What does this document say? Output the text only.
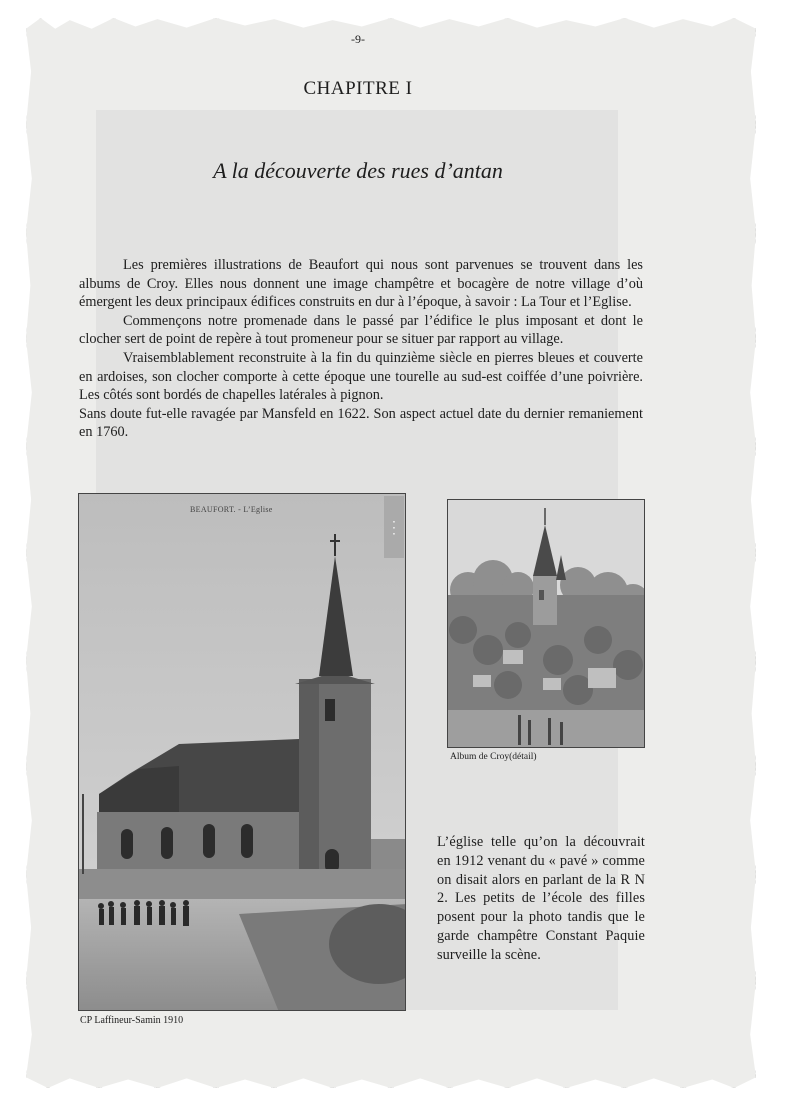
-9-
CHAPITRE I
A la découverte des rues d’antan

Les premières illustrations de Beaufort qui nous sont parvenues se trouvent dans les albums de Croy. Elles nous donnent une image champêtre et bocagère de notre village d’où émergent les deux principaux édifices construits en dur à l’époque, à savoir : La Tour et l’Eglise.

Commençons notre promenade dans le passé par l’édifice le plus imposant et dont le clocher sert de point de repère à tout promeneur pour se situer par rapport au village.

Vraisemblablement reconstruite à la fin du quinzième siècle en pierres bleues et couverte en ardoises, son clocher comporte à cette époque une tourelle au sud-est coiffée d’une poivrière. Les côtés sont bordés de chapelles latérales à pignon.

Sans doute fut-elle ravagée par Mansfeld en 1622. Son aspect actuel date du dernier remaniement en 1760.

BEAUFORT. - L’Eglise
▪▪▪
CP Laffineur-Samin 1910
Album de Croy(détail)
L’église telle qu’on la découvrait en 1912 venant du « pavé » comme on disait alors en parlant de la R N 2. Les petits de l’école des filles posent pour la photo tandis que le garde champêtre Constant Paquie surveille la scène.
